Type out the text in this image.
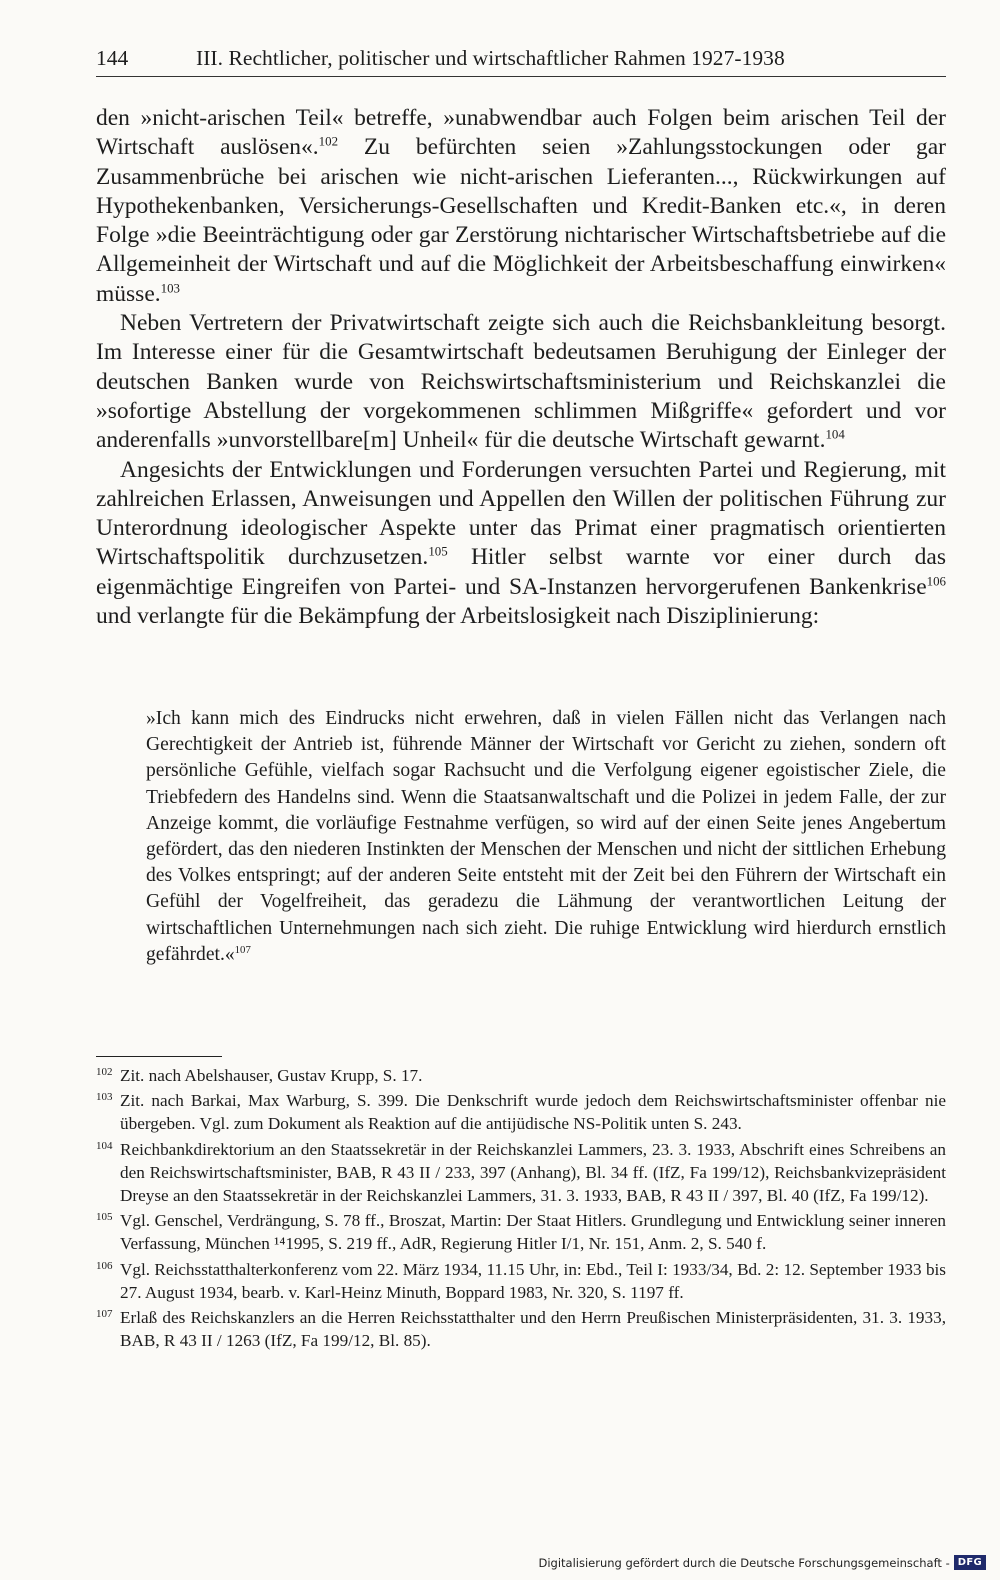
144	III. Rechtlicher, politischer und wirtschaftlicher Rahmen 1927-1938

den »nicht-arischen Teil« betreffe, »unabwendbar auch Folgen beim arischen Teil der Wirtschaft auslösen«.$^{102}$ Zu befürchten seien »Zahlungsstockungen oder gar Zusammenbrüche bei arischen wie nicht-arischen Lieferanten..., Rückwirkungen auf Hypothekenbanken, Versicherungs-Gesellschaften und Kredit-Banken etc.«, in deren Folge »die Beeinträchtigung oder gar Zerstörung nichtarischer Wirtschaftsbetriebe auf die Allgemeinheit der Wirtschaft und auf die Möglichkeit der Arbeitsbeschaffung einwirken« müsse.$^{103}$

Neben Vertretern der Privatwirtschaft zeigte sich auch die Reichsbankleitung besorgt. Im Interesse einer für die Gesamtwirtschaft bedeutsamen Beruhigung der Einleger der deutschen Banken wurde von Reichswirtschaftsministerium und Reichskanzlei die »sofortige Abstellung der vorgekommenen schlimmen Mißgriffe« gefordert und vor anderenfalls »unvorstellbare[m] Unheil« für die deutsche Wirtschaft gewarnt.$^{104}$

Angesichts der Entwicklungen und Forderungen versuchten Partei und Regierung, mit zahlreichen Erlassen, Anweisungen und Appellen den Willen der politischen Führung zur Unterordnung ideologischer Aspekte unter das Primat einer pragmatisch orientierten Wirtschaftspolitik durchzusetzen.$^{105}$ Hitler selbst warnte vor einer durch das eigenmächtige Eingreifen von Partei- und SA-Instanzen hervorgerufenen Bankenkrise$^{106}$ und verlangte für die Bekämpfung der Arbeitslosigkeit nach Disziplinierung:

»Ich kann mich des Eindrucks nicht erwehren, daß in vielen Fällen nicht das Verlangen nach Gerechtigkeit der Antrieb ist, führende Männer der Wirtschaft vor Gericht zu ziehen, sondern oft persönliche Gefühle, vielfach sogar Rachsucht und die Verfolgung eigener egoistischer Ziele, die Triebfedern des Handelns sind. Wenn die Staatsanwaltschaft und die Polizei in jedem Falle, der zur Anzeige kommt, die vorläufige Festnahme verfügen, so wird auf der einen Seite jenes Angebertum gefördert, das den niederen Instinkten der Menschen der Menschen und nicht der sittlichen Erhebung des Volkes entspringt; auf der anderen Seite entsteht mit der Zeit bei den Führern der Wirtschaft ein Gefühl der Vogelfreiheit, das geradezu die Lähmung der verantwortlichen Leitung der wirtschaftlichen Unternehmungen nach sich zieht. Die ruhige Entwicklung wird hierdurch ernstlich gefährdet.«$^{107}$

102 Zit. nach Abelshauser, Gustav Krupp, S. 17.
103 Zit. nach Barkai, Max Warburg, S. 399. Die Denkschrift wurde jedoch dem Reichswirtschaftsminister offenbar nie übergeben. Vgl. zum Dokument als Reaktion auf die antijüdische NS-Politik unten S. 243.
104 Reichbankdirektorium an den Staatssekretär in der Reichskanzlei Lammers, 23. 3. 1933, Abschrift eines Schreibens an den Reichswirtschaftsminister, BAB, R 43 II / 233, 397 (Anhang), Bl. 34 ff. (IfZ, Fa 199/12), Reichsbankvizepräsident Dreyse an den Staatssekretär in der Reichskanzlei Lammers, 31. 3. 1933, BAB, R 43 II / 397, Bl. 40 (IfZ, Fa 199/12).
105 Vgl. Genschel, Verdrängung, S. 78 ff., Broszat, Martin: Der Staat Hitlers. Grundlegung und Entwicklung seiner inneren Verfassung, München ¹⁴1995, S. 219 ff., AdR, Regierung Hitler I/1, Nr. 151, Anm. 2, S. 540 f.
106 Vgl. Reichsstatthalterkonferenz vom 22. März 1934, 11.15 Uhr, in: Ebd., Teil I: 1933/34, Bd. 2: 12. September 1933 bis 27. August 1934, bearb. v. Karl-Heinz Minuth, Boppard 1983, Nr. 320, S. 1197 ff.
107 Erlaß des Reichskanzlers an die Herren Reichsstatthalter und den Herrn Preußischen Ministerpräsidenten, 31. 3. 1933, BAB, R 43 II / 1263 (IfZ, Fa 199/12, Bl. 85).
Digitalisierung gefördert durch die Deutsche Forschungsgemeinschaft - DFG
